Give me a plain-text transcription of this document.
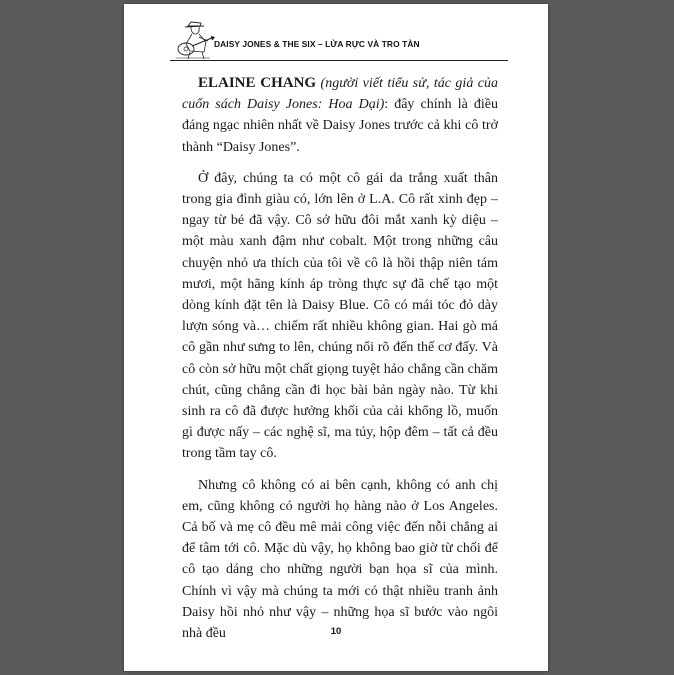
DAISY JONES & THE SIX – LỬA RỰC VÀ TRO TÀN

ELAINE CHANG (người viết tiểu sử, tác giả của cuốn sách Daisy Jones: Hoa Dại): đây chính là điều đáng ngạc nhiên nhất về Daisy Jones trước cả khi cô trở thành “Daisy Jones”.

Ở đây, chúng ta có một cô gái da trắng xuất thân trong gia đình giàu có, lớn lên ở L.A. Cô rất xinh đẹp – ngay từ bé đã vậy. Cô sở hữu đôi mắt xanh kỳ diệu – một màu xanh đậm như cobalt. Một trong những câu chuyện nhỏ ưa thích của tôi về cô là hồi thập niên tám mươi, một hãng kính áp tròng thực sự đã chế tạo một dòng kính đặt tên là Daisy Blue. Cô có mái tóc đỏ dày lượn sóng và… chiếm rất nhiều không gian. Hai gò má cô gần như sưng to lên, chúng nổi rõ đến thế cơ đấy. Và cô còn sở hữu một chất giọng tuyệt hảo chẳng cần chăm chút, cũng chẳng cần đi học bài bản ngày nào. Từ khi sinh ra cô đã được hưởng khối của cải khổng lồ, muốn gì được nấy – các nghệ sĩ, ma túy, hộp đêm – tất cả đều trong tầm tay cô.

Nhưng cô không có ai bên cạnh, không có anh chị em, cũng không có người họ hàng nào ở Los Angeles. Cả bố và mẹ cô đều mê mải công việc đến nỗi chẳng ai để tâm tới cô. Mặc dù vậy, họ không bao giờ từ chối để cô tạo dáng cho những người bạn họa sĩ của mình. Chính vì vậy mà chúng ta mới có thật nhiều tranh ảnh Daisy hồi nhỏ như vậy – những họa sĩ bước vào ngôi nhà đều	10
